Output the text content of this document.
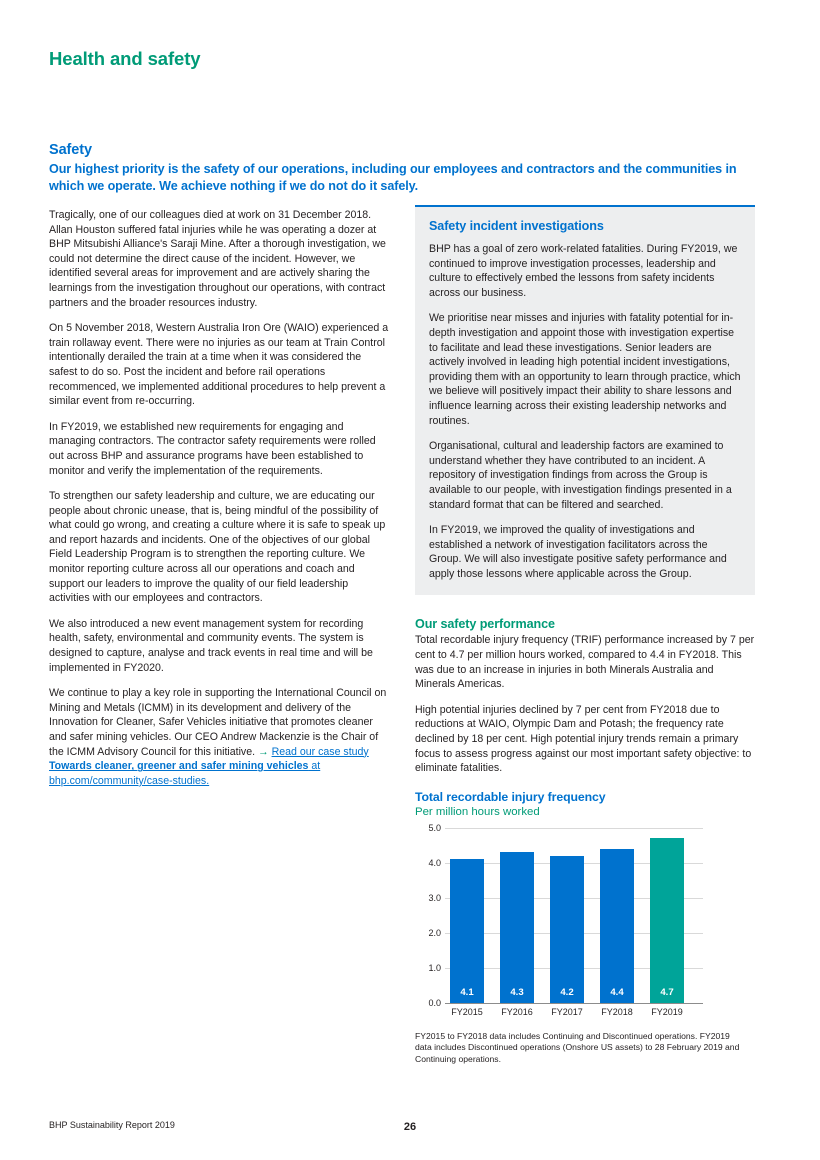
Health and safety
Safety
Our highest priority is the safety of our operations, including our employees and contractors and the communities in which we operate. We achieve nothing if we do not do it safely.

Tragically, one of our colleagues died at work on 31 December 2018. Allan Houston suffered fatal injuries while he was operating a dozer at BHP Mitsubishi Alliance's Saraji Mine. After a thorough investigation, we could not determine the direct cause of the incident. However, we identified several areas for improvement and are actively sharing the learnings from the investigation throughout our operations, with contract partners and the broader resources industry.

On 5 November 2018, Western Australia Iron Ore (WAIO) experienced a train rollaway event. There were no injuries as our team at Train Control intentionally derailed the train at a time when it was considered the safest to do so. Post the incident and before rail operations recommenced, we implemented additional procedures to help prevent a similar event from re-occurring.

In FY2019, we established new requirements for engaging and managing contractors. The contractor safety requirements were rolled out across BHP and assurance programs have been established to monitor and verify the implementation of the requirements.

To strengthen our safety leadership and culture, we are educating our people about chronic unease, that is, being mindful of the possibility of what could go wrong, and creating a culture where it is safe to speak up and report hazards and incidents. One of the objectives of our global Field Leadership Program is to strengthen the reporting culture. We monitor reporting culture across all our operations and coach and support our leaders to improve the quality of our field leadership activities with our employees and contractors.

We also introduced a new event management system for recording health, safety, environmental and community events. The system is designed to capture, analyse and track events in real time and will be implemented in FY2020.

We continue to play a key role in supporting the International Council on Mining and Metals (ICMM) in its development and delivery of the Innovation for Cleaner, Safer Vehicles initiative that promotes cleaner and safer mining vehicles. Our CEO Andrew Mackenzie is the Chair of the ICMM Advisory Council for this initiative. → Read our case study Towards cleaner, greener and safer mining vehicles at bhp.com/community/case-studies.

Safety incident investigations

BHP has a goal of zero work-related fatalities. During FY2019, we continued to improve investigation processes, leadership and culture to effectively embed the lessons from safety incidents across our business.

We prioritise near misses and injuries with fatality potential for in-depth investigation and appoint those with investigation expertise to facilitate and lead these investigations. Senior leaders are actively involved in leading high potential incident investigations, providing them with an opportunity to learn through practice, which we believe will positively impact their ability to share lessons and influence learning across their existing leadership networks and routines.

Organisational, cultural and leadership factors are examined to understand whether they have contributed to an incident. A repository of investigation findings from across the Group is available to our people, with investigation findings presented in a standard format that can be filtered and searched.

In FY2019, we improved the quality of investigations and established a network of investigation facilitators across the Group. We will also investigate positive safety performance and apply those lessons where applicable across the Group.

Our safety performance

Total recordable injury frequency (TRIF) performance increased by 7 per cent to 4.7 per million hours worked, compared to 4.4 in FY2018. This was due to an increase in injuries in both Minerals Australia and Minerals Americas.

High potential injuries declined by 7 per cent from FY2018 due to reductions at WAIO, Olympic Dam and Potash; the frequency rate declined by 18 per cent. High potential injury trends remain a primary focus to assess progress against our most important safety objective: to eliminate fatalities.

Total recordable injury frequency
Per million hours worked
5.0
4.0
3.0
2.0
1.0
0.0
4.1	4.3	4.2	4.4	4.7
FY2015	FY2016	FY2017	FY2018	FY2019
FY2015 to FY2018 data includes Continuing and Discontinued operations. FY2019 data includes Discontinued operations (Onshore US assets) to 28 February 2019 and Continuing operations.
BHP Sustainability Report 2019	26
